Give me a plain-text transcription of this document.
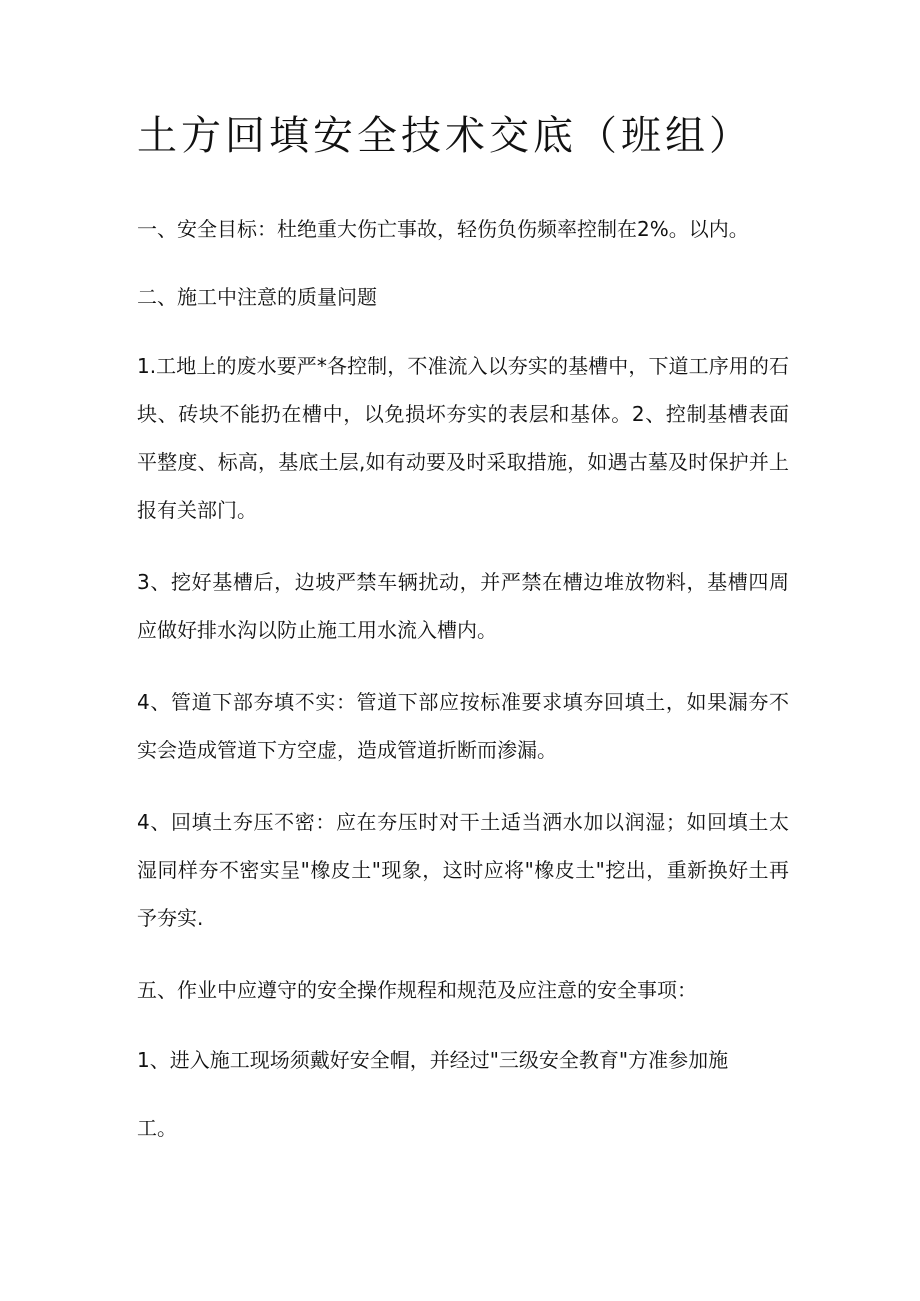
土方回填安全技术交底（班组）

一、安全目标：杜绝重大伤亡事故，轻伤负伤频率控制在2%。以内。

二、施工中注意的质量问题

1.工地上的废水要严*各控制，不准流入以夯实的基槽中，下道工序用的石块、砖块不能扔在槽中，以免损坏夯实的表层和基体。2、控制基槽表面平整度、标高，基底土层,如有动要及时采取措施，如遇古墓及时保护并上报有关部门。

3、挖好基槽后，边坡严禁车辆扰动，并严禁在槽边堆放物料，基槽四周应做好排水沟以防止施工用水流入槽内。

4、管道下部夯填不实：管道下部应按标准要求填夯回填土，如果漏夯不实会造成管道下方空虚，造成管道折断而渗漏。

4、回填土夯压不密：应在夯压时对干土适当洒水加以润湿；如回填土太湿同样夯不密实呈"橡皮土"现象，这时应将"橡皮土"挖出，重新换好土再予夯实.

五、作业中应遵守的安全操作规程和规范及应注意的安全事项：

1、进入施工现场须戴好安全帽，并经过"三级安全教育"方准参加施

工。
